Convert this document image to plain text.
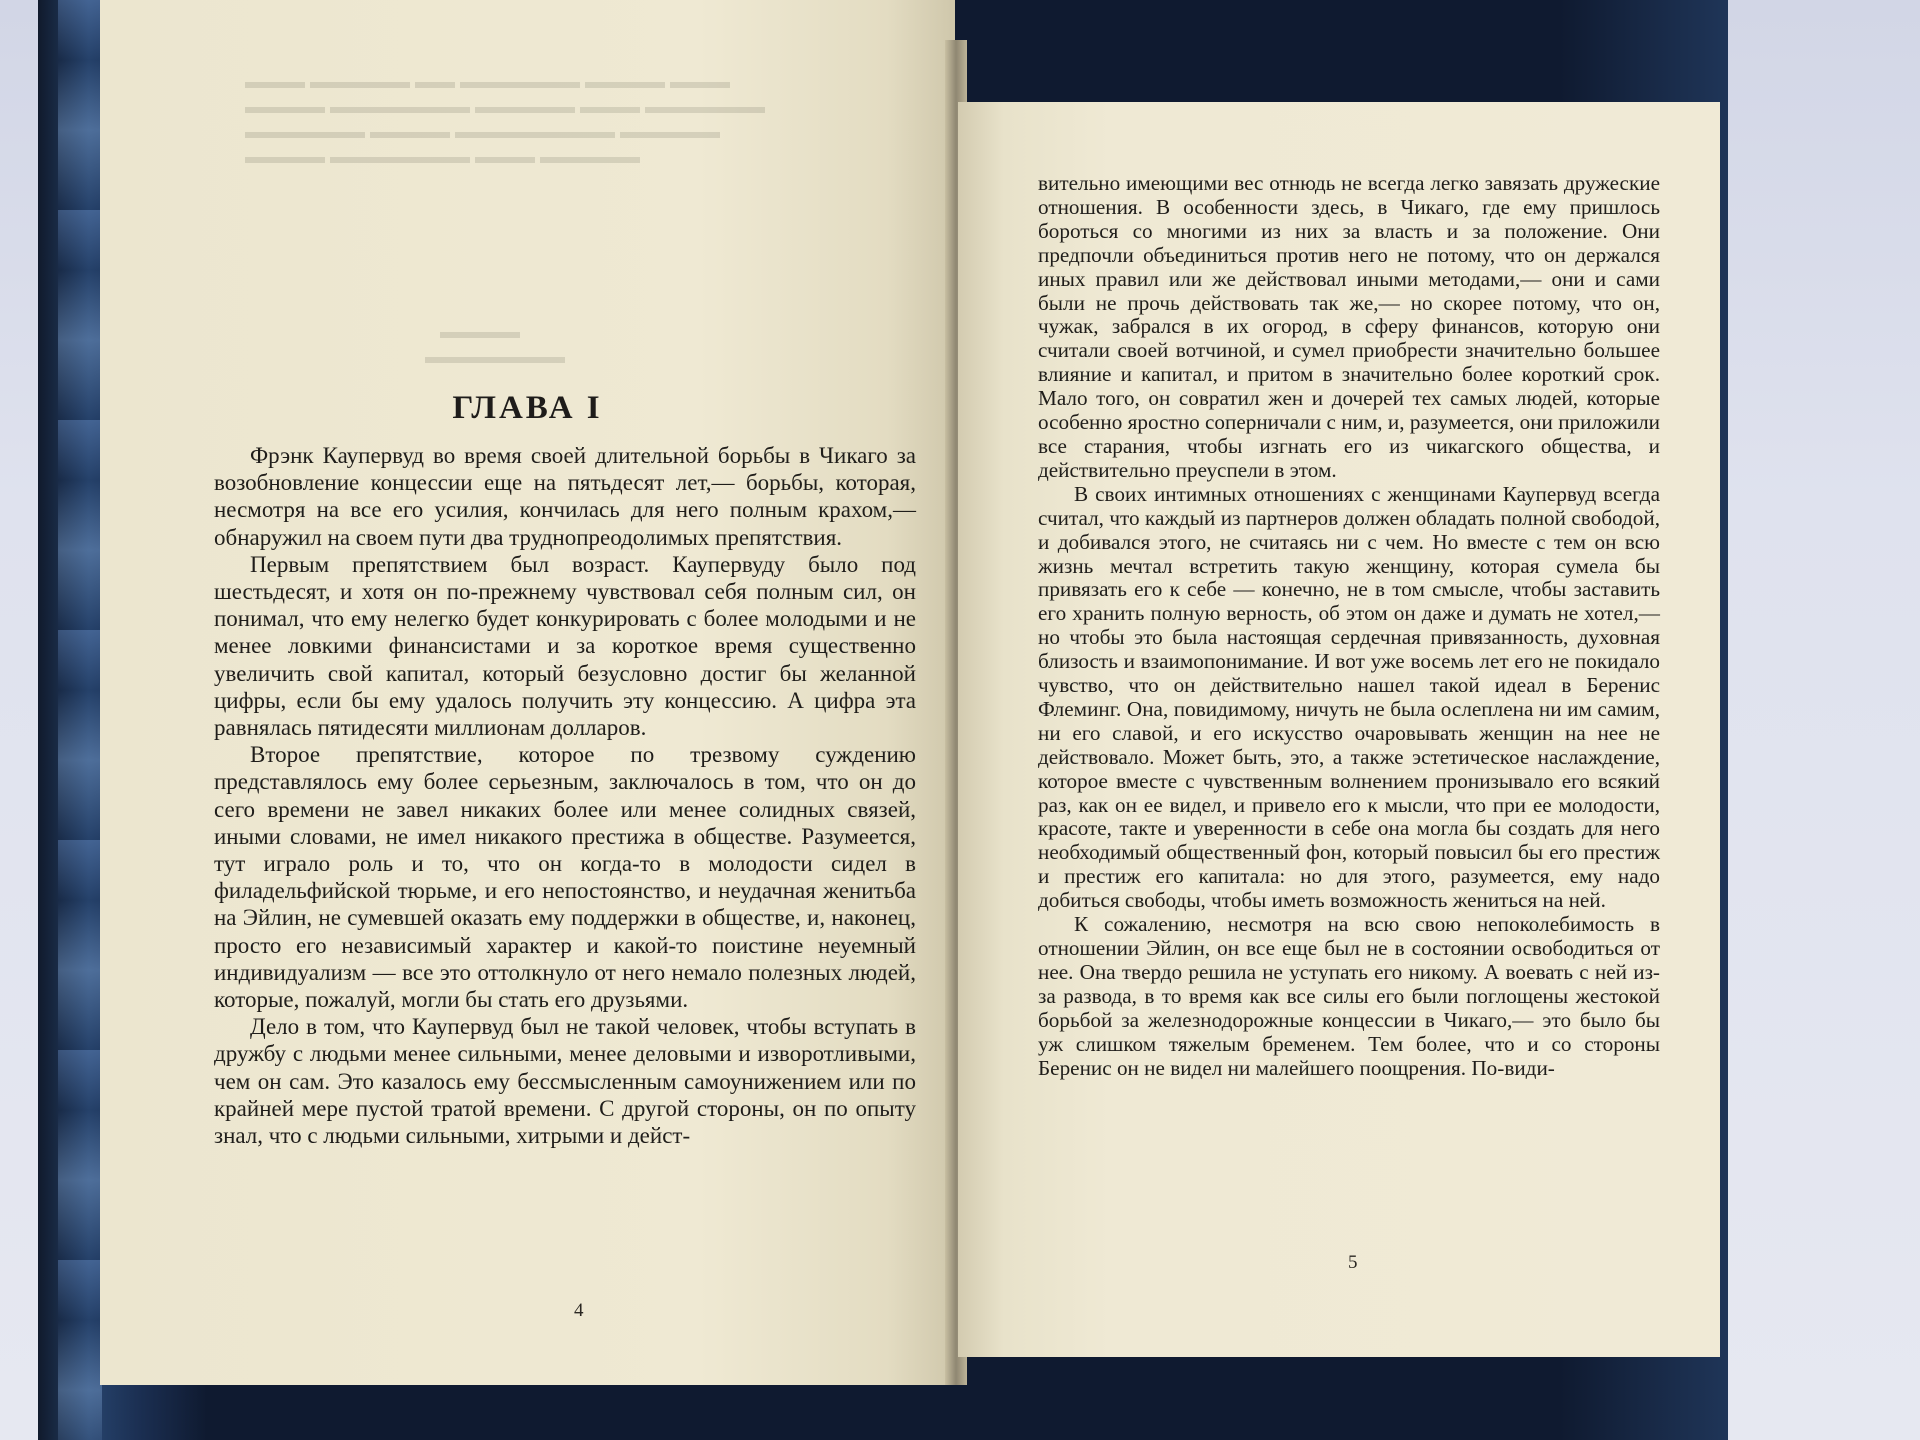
▬▬▬ ▬▬▬▬▬ ▬▬ ▬▬▬▬▬▬ ▬▬▬▬ ▬▬▬
▬▬▬▬ ▬▬▬▬▬▬▬ ▬▬▬▬▬ ▬▬▬ ▬▬▬▬▬▬
▬▬▬▬▬▬ ▬▬▬▬ ▬▬▬▬▬▬▬▬ ▬▬▬▬▬
▬▬▬▬ ▬▬▬▬▬▬▬ ▬▬▬ ▬▬▬▬▬

▬▬▬▬
▬▬▬▬▬▬▬
ГЛАВА I

Фрэнк Каупервуд во время своей длительной борьбы в Чикаго за возобновление концессии еще на пятьдесят лет,— борьбы, которая, несмотря на все его усилия, кончилась для него полным крахом,— обнаружил на своем пути два труднопреодолимых препятствия.

Первым препятствием был возраст. Каупервуду было под шестьдесят, и хотя он по-прежнему чувствовал себя полным сил, он понимал, что ему нелегко будет конкурировать с более молодыми и не менее ловкими финансистами и за короткое время существенно увеличить свой капитал, который безусловно достиг бы желанной цифры, если бы ему удалось получить эту концессию. А цифра эта равнялась пятидесяти миллионам долларов.

Второе препятствие, которое по трезвому суждению представлялось ему более серьезным, заключалось в том, что он до сего времени не завел никаких более или менее солидных связей, иными словами, не имел никакого престижа в обществе. Разумеется, тут играло роль и то, что он когда-то в молодости сидел в филадельфийской тюрьме, и его непостоянство, и неудачная женитьба на Эйлин, не сумевшей оказать ему поддержки в обществе, и, наконец, просто его независимый характер и какой-то поистине неуемный индивидуализм — все это оттолкнуло от него немало полезных людей, которые, пожалуй, могли бы стать его друзьями.

Дело в том, что Каупервуд был не такой человек, чтобы вступать в дружбу с людьми менее сильными, менее деловыми и изворотливыми, чем он сам. Это казалось ему бессмысленным самоунижением или по крайней мере пустой тратой времени. С другой стороны, он по опыту знал, что с людьми сильными, хитрыми и дейст-

4

вительно имеющими вес отнюдь не всегда легко завязать дружеские отношения. В особенности здесь, в Чикаго, где ему пришлось бороться со многими из них за власть и за положение. Они предпочли объединиться против него не потому, что он держался иных правил или же действовал иными методами,— они и сами были не прочь действовать так же,— но скорее потому, что он, чужак, забрался в их огород, в сферу финансов, которую они считали своей вотчиной, и сумел приобрести значительно большее влияние и капитал, и притом в значительно более короткий срок. Мало того, он совратил жен и дочерей тех самых людей, которые особенно яростно соперничали с ним, и, разумеется, они приложили все старания, чтобы изгнать его из чикагского общества, и действительно преуспели в этом.

В своих интимных отношениях с женщинами Каупервуд всегда считал, что каждый из партнеров должен обладать полной свободой, и добивался этого, не считаясь ни с чем. Но вместе с тем он всю жизнь мечтал встретить такую женщину, которая сумела бы привязать его к себе — конечно, не в том смысле, чтобы заставить его хранить полную верность, об этом он даже и думать не хотел,— но чтобы это была настоящая сердечная привязанность, духовная близость и взаимопонимание. И вот уже восемь лет его не покидало чувство, что он действительно нашел такой идеал в Беренис Флеминг. Она, повидимому, ничуть не была ослеплена ни им самим, ни его славой, и его искусство очаровывать женщин на нее не действовало. Может быть, это, а также эстетическое наслаждение, которое вместе с чувственным волнением пронизывало его всякий раз, как он ее видел, и привело его к мысли, что при ее молодости, красоте, такте и уверенности в себе она могла бы создать для него необходимый общественный фон, который повысил бы его престиж и престиж его капитала: но для этого, разумеется, ему надо добиться свободы, чтобы иметь возможность жениться на ней.

К сожалению, несмотря на всю свою непоколебимость в отношении Эйлин, он все еще был не в состоянии освободиться от нее. Она твердо решила не уступать его никому. А воевать с ней из-за развода, в то время как все силы его были поглощены жестокой борьбой за железнодорожные концессии в Чикаго,— это было бы уж слишком тяжелым бременем. Тем более, что и со стороны Беренис он не видел ни малейшего поощрения. По-види-

5
